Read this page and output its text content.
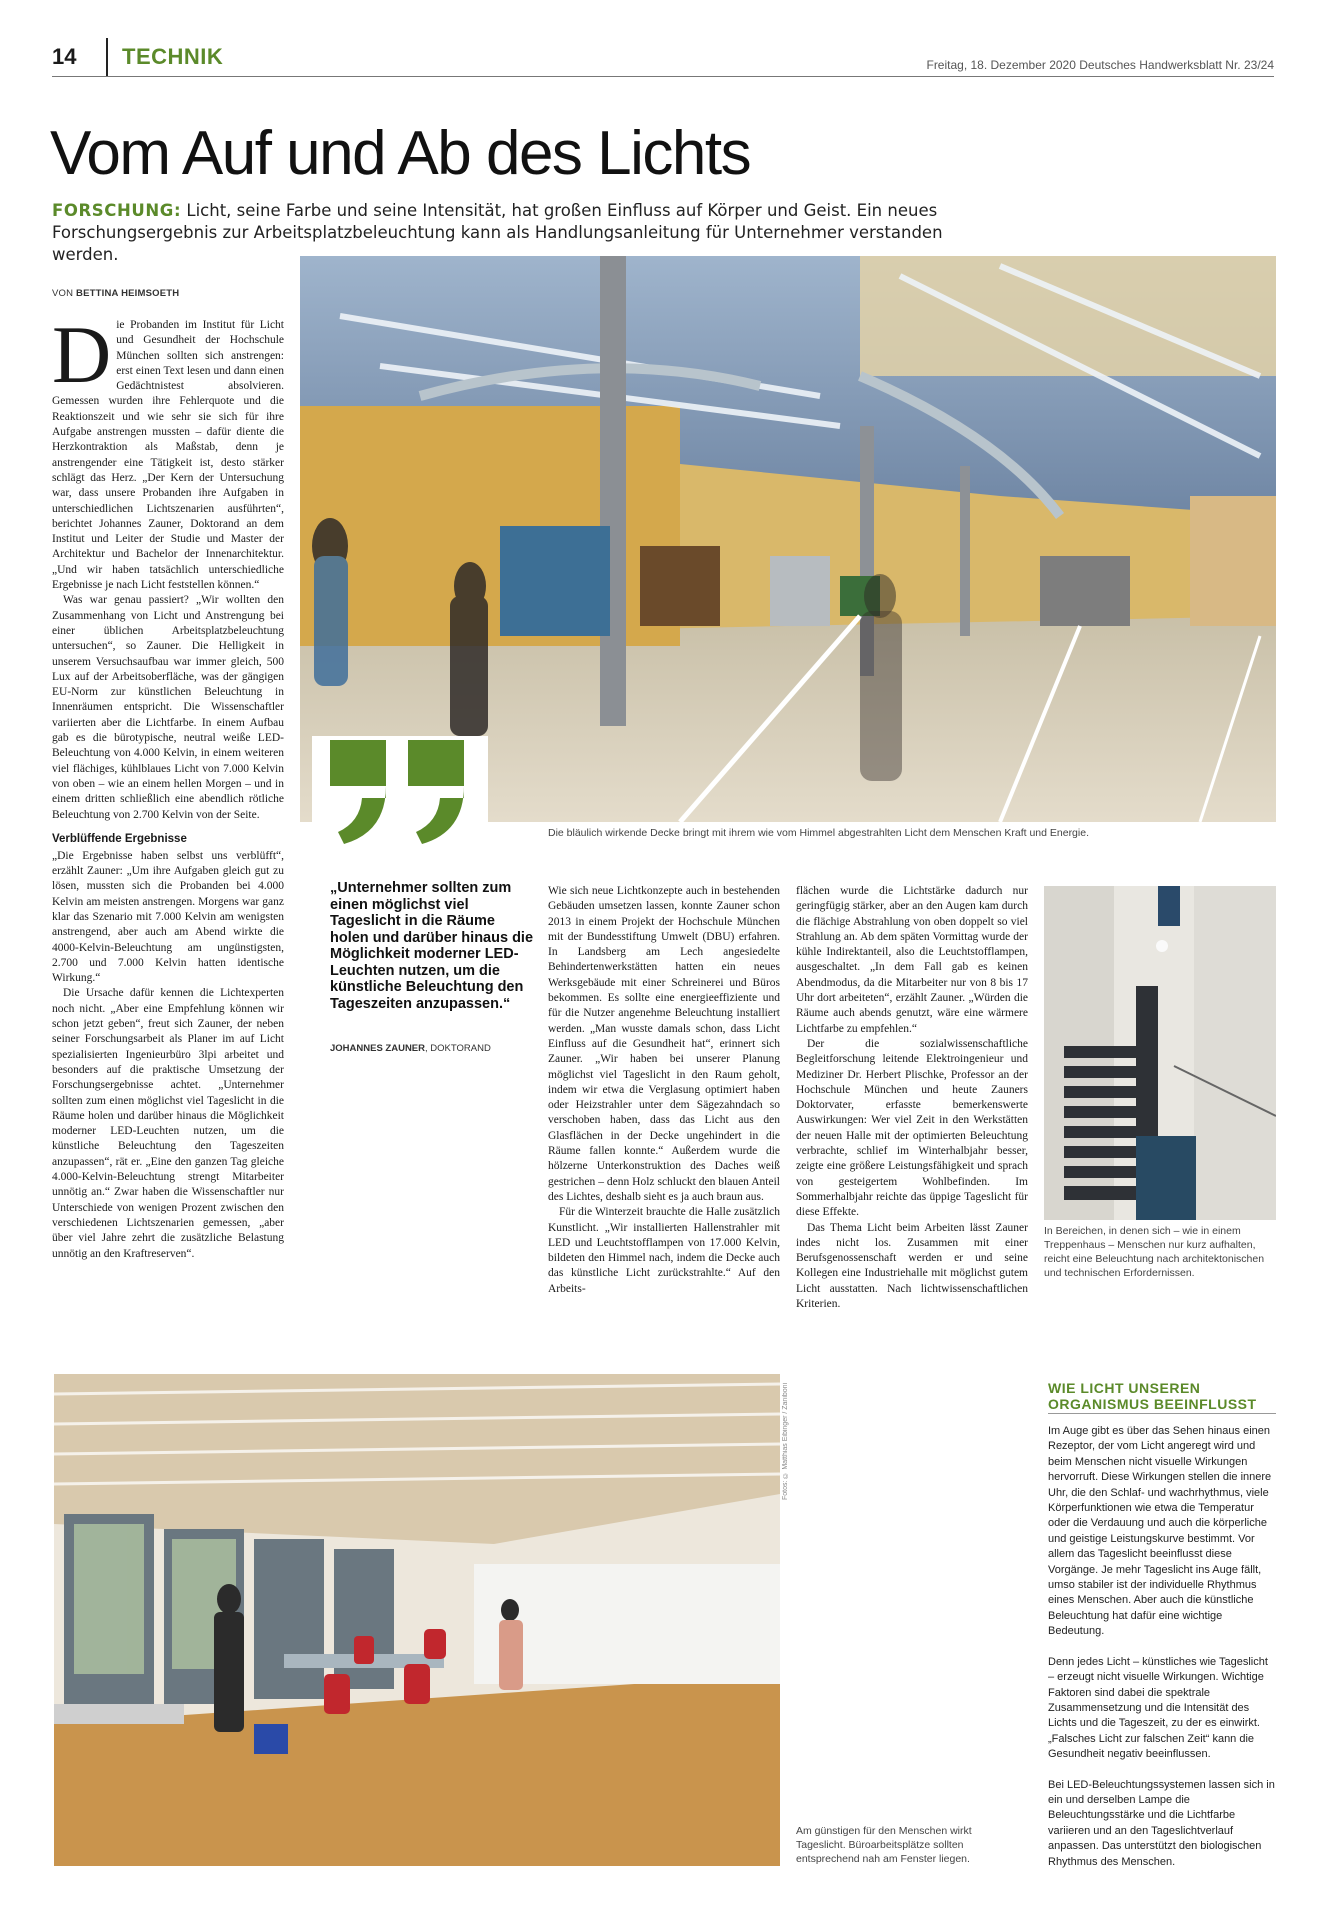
14 TECHNIK	Freitag, 18. Dezember 2020 Deutsches Handwerksblatt Nr. 23/24
Vom Auf und Ab des Lichts
FORSCHUNG: Licht, seine Farbe und seine Intensität, hat großen Einfluss auf Körper und Geist. Ein neues Forschungsergebnis zur Arbeitsplatzbeleuchtung kann als Handlungsanleitung für Unternehmer verstanden werden.
Die bläulich wirkende Decke bringt mit ihrem wie vom Himmel abgestrahlten Licht dem Menschen Kraft und Energie.
VON BETTINA HEIMSOETH

Die Probanden im Institut für Licht und Gesundheit der Hochschule München sollten sich anstrengen: erst einen Text lesen und dann einen Gedächtnistest absolvieren. Gemessen wurden ihre Fehlerquote und die Reaktionszeit und wie sehr sie sich für ihre Aufgabe anstrengen mussten – dafür diente die Herzkontraktion als Maßstab, denn je anstrengender eine Tätigkeit ist, desto stärker schlägt das Herz. „Der Kern der Untersuchung war, dass unsere Probanden ihre Aufgaben in unterschiedlichen Lichtszenarien ausführten“, berichtet Johannes Zauner, Doktorand an dem Institut und Leiter der Studie und Master der Architektur und Bachelor der Innenarchitektur. „Und wir haben tatsächlich unterschiedliche Ergebnisse je nach Licht feststellen können.“

Was war genau passiert? „Wir wollten den Zusammenhang von Licht und Anstrengung bei einer üblichen Arbeitsplatzbeleuchtung untersuchen“, so Zauner. Die Helligkeit in unserem Versuchsaufbau war immer gleich, 500 Lux auf der Arbeitsoberfläche, was der gängigen EU-Norm zur künstlichen Beleuchtung in Innenräumen entspricht. Die Wissenschaftler variierten aber die Lichtfarbe. In einem Aufbau gab es die bürotypische, neutral weiße LED-Beleuchtung von 4.000 Kelvin, in einem weiteren viel flächiges, kühlblaues Licht von 7.000 Kelvin von oben – wie an einem hellen Morgen – und in einem dritten schließlich eine abendlich rötliche Beleuchtung von 2.700 Kelvin von der Seite.

Verblüffende Ergebnisse

„Die Ergebnisse haben selbst uns verblüfft“, erzählt Zauner: „Um ihre Aufgaben gleich gut zu lösen, mussten sich die Probanden bei 4.000 Kelvin am meisten anstrengen. Morgens war ganz klar das Szenario mit 7.000 Kelvin am wenigsten anstrengend, aber auch am Abend wirkte die 4000-Kelvin-Beleuchtung am ungünstigsten, 2.700 und 7.000 Kelvin hatten identische Wirkung.“

Die Ursache dafür kennen die Lichtexperten noch nicht. „Aber eine Empfehlung können wir schon jetzt geben“, freut sich Zauner, der neben seiner Forschungsarbeit als Planer im auf Licht spezialisierten Ingenieurbüro 3lpi arbeitet und besonders auf die praktische Umsetzung der Forschungsergebnisse achtet. „Unternehmer sollten zum einen möglichst viel Tageslicht in die Räume holen und darüber hinaus die Möglichkeit moderner LED-Leuchten nutzen, um die künstliche Beleuchtung den Tageszeiten anzupassen“, rät er. „Eine den ganzen Tag gleiche 4.000-Kelvin-Beleuchtung strengt Mitarbeiter unnötig an.“ Zwar haben die Wissenschaftler nur Unterschiede von wenigen Prozent zwischen den verschiedenen Lichtszenarien gemessen, „aber über viel Jahre zehrt die zusätzliche Belastung unnötig an den Kraftreserven“.

„Unternehmer sollten zum einen möglichst viel Tageslicht in die Räume holen und darüber hinaus die Möglichkeit moderner LED-Leuchten nutzen, um die künstliche Beleuchtung den Tageszeiten anzupassen.“
JOHANNES ZAUNER, DOKTORAND

Wie sich neue Lichtkonzepte auch in bestehenden Gebäuden umsetzen lassen, konnte Zauner schon 2013 in einem Projekt der Hochschule München mit der Bundesstiftung Umwelt (DBU) erfahren. In Landsberg am Lech angesiedelte Behindertenwerkstätten hatten ein neues Werksgebäude mit einer Schreinerei und Büros bekommen. Es sollte eine energieeffiziente und für die Nutzer angenehme Beleuchtung installiert werden. „Man wusste damals schon, dass Licht Einfluss auf die Gesundheit hat“, erinnert sich Zauner. „Wir haben bei unserer Planung möglichst viel Tageslicht in den Raum geholt, indem wir etwa die Verglasung optimiert haben oder Heizstrahler unter dem Sägezahndach so verschoben haben, dass das Licht aus den Glasflächen in der Decke ungehindert in die Räume fallen konnte.“ Außerdem wurde die hölzerne Unterkonstruktion des Daches weiß gestrichen – denn Holz schluckt den blauen Anteil des Lichtes, deshalb sieht es ja auch braun aus.

Für die Winterzeit brauchte die Halle zusätzlich Kunstlicht. „Wir installierten Hallenstrahler mit LED und Leuchtstofflampen von 17.000 Kelvin, bildeten den Himmel nach, indem die Decke auch das künstliche Licht zurückstrahlte.“ Auf den Arbeits-

flächen wurde die Lichtstärke dadurch nur geringfügig stärker, aber an den Augen kam durch die flächige Abstrahlung von oben doppelt so viel Strahlung an. Ab dem späten Vormittag wurde der kühle Indirektanteil, also die Leuchtstofflampen, ausgeschaltet. „In dem Fall gab es keinen Abendmodus, da die Mitarbeiter nur von 8 bis 17 Uhr dort arbeiteten“, erzählt Zauner. „Würden die Räume auch abends genutzt, wäre eine wärmere Lichtfarbe zu empfehlen.“

Der die sozialwissenschaftliche Begleitforschung leitende Elektroingenieur und Mediziner Dr. Herbert Plischke, Professor an der Hochschule München und heute Zauners Doktorvater, erfasste bemerkenswerte Auswirkungen: Wer viel Zeit in den Werkstätten der neuen Halle mit der optimierten Beleuchtung verbrachte, schlief im Winterhalbjahr besser, zeigte eine größere Leistungsfähigkeit und sprach von gesteigertem Wohlbefinden. Im Sommerhalbjahr reichte das üppige Tageslicht für diese Effekte.

Das Thema Licht beim Arbeiten lässt Zauner indes nicht los. Zusammen mit einer Berufsgenossenschaft werden er und seine Kollegen eine Industriehalle mit möglichst gutem Licht ausstatten. Nach lichtwissenschaftlichen Kriterien.

In Bereichen, in denen sich – wie in einem Treppenhaus – Menschen nur kurz aufhalten, reicht eine Beleuchtung nach architektonischen und technischen Erfordernissen.
Fotos: © Matthias Eibinger / Zaniboni
Am günstigen für den Menschen wirkt Tageslicht. Büroarbeitsplätze sollten entsprechend nah am Fenster liegen.
WIE LICHT UNSEREN ORGANISMUS BEEINFLUSST

Im Auge gibt es über das Sehen hinaus einen Rezeptor, der vom Licht angeregt wird und beim Menschen nicht visuelle Wirkungen hervorruft. Diese Wirkungen stellen die innere Uhr, die den Schlaf- und wachrhythmus, viele Körperfunktionen wie etwa die Temperatur oder die Verdauung und auch die körperliche und geistige Leistungskurve bestimmt. Vor allem das Tageslicht beeinflusst diese Vorgänge. Je mehr Tageslicht ins Auge fällt, umso stabiler ist der individuelle Rhythmus eines Menschen. Aber auch die künstliche Beleuchtung hat dafür eine wichtige Bedeutung.

Denn jedes Licht – künstliches wie Tageslicht – erzeugt nicht visuelle Wirkungen. Wichtige Faktoren sind dabei die spektrale Zusammensetzung und die Intensität des Lichts und die Tageszeit, zu der es einwirkt. „Falsches Licht zur falschen Zeit“ kann die Gesundheit negativ beeinflussen.

Bei LED-Beleuchtungssystemen lassen sich in ein und derselben Lampe die Beleuchtungsstärke und die Lichtfarbe variieren und an den Tageslichtverlauf anpassen. Das unterstützt den biologischen Rhythmus des Menschen.
